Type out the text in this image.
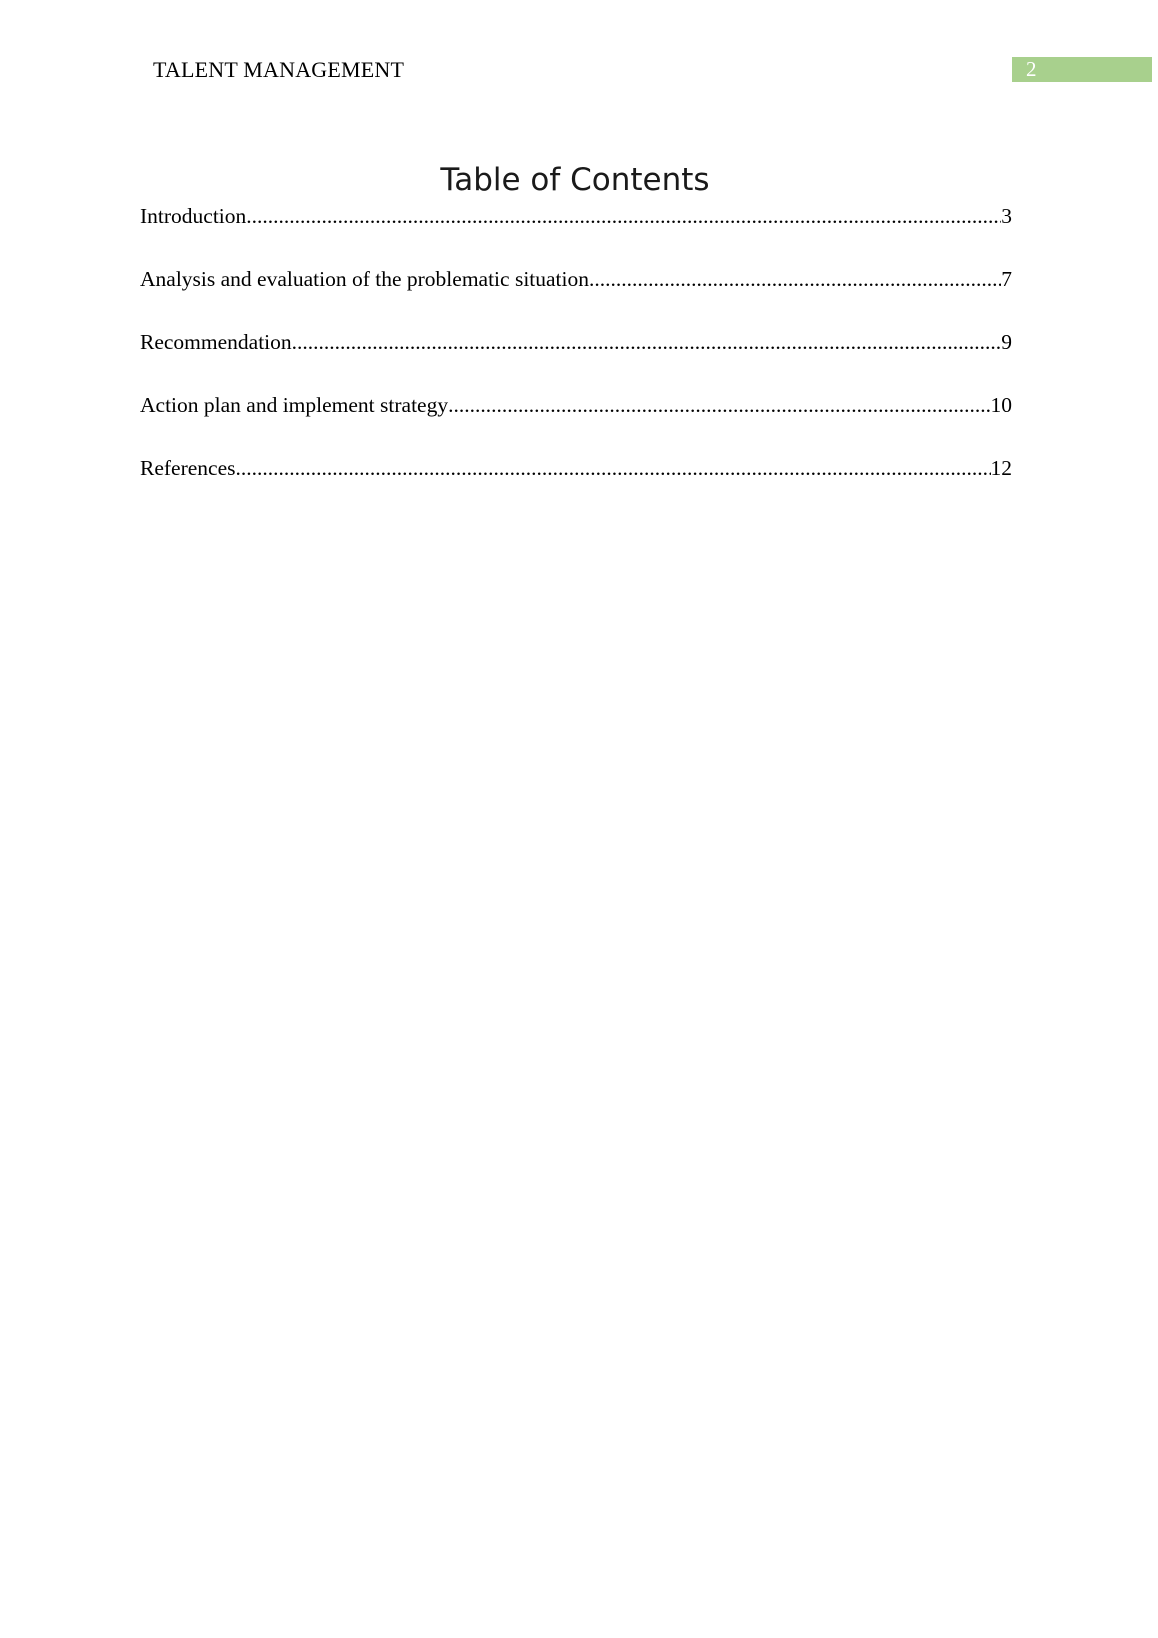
TALENT MANAGEMENT	2
Table of Contents
Introduction .....	3
Analysis and evaluation of the problematic situation .....	7
Recommendation .....	9
Action plan and implement strategy .....	10
References .....	12
